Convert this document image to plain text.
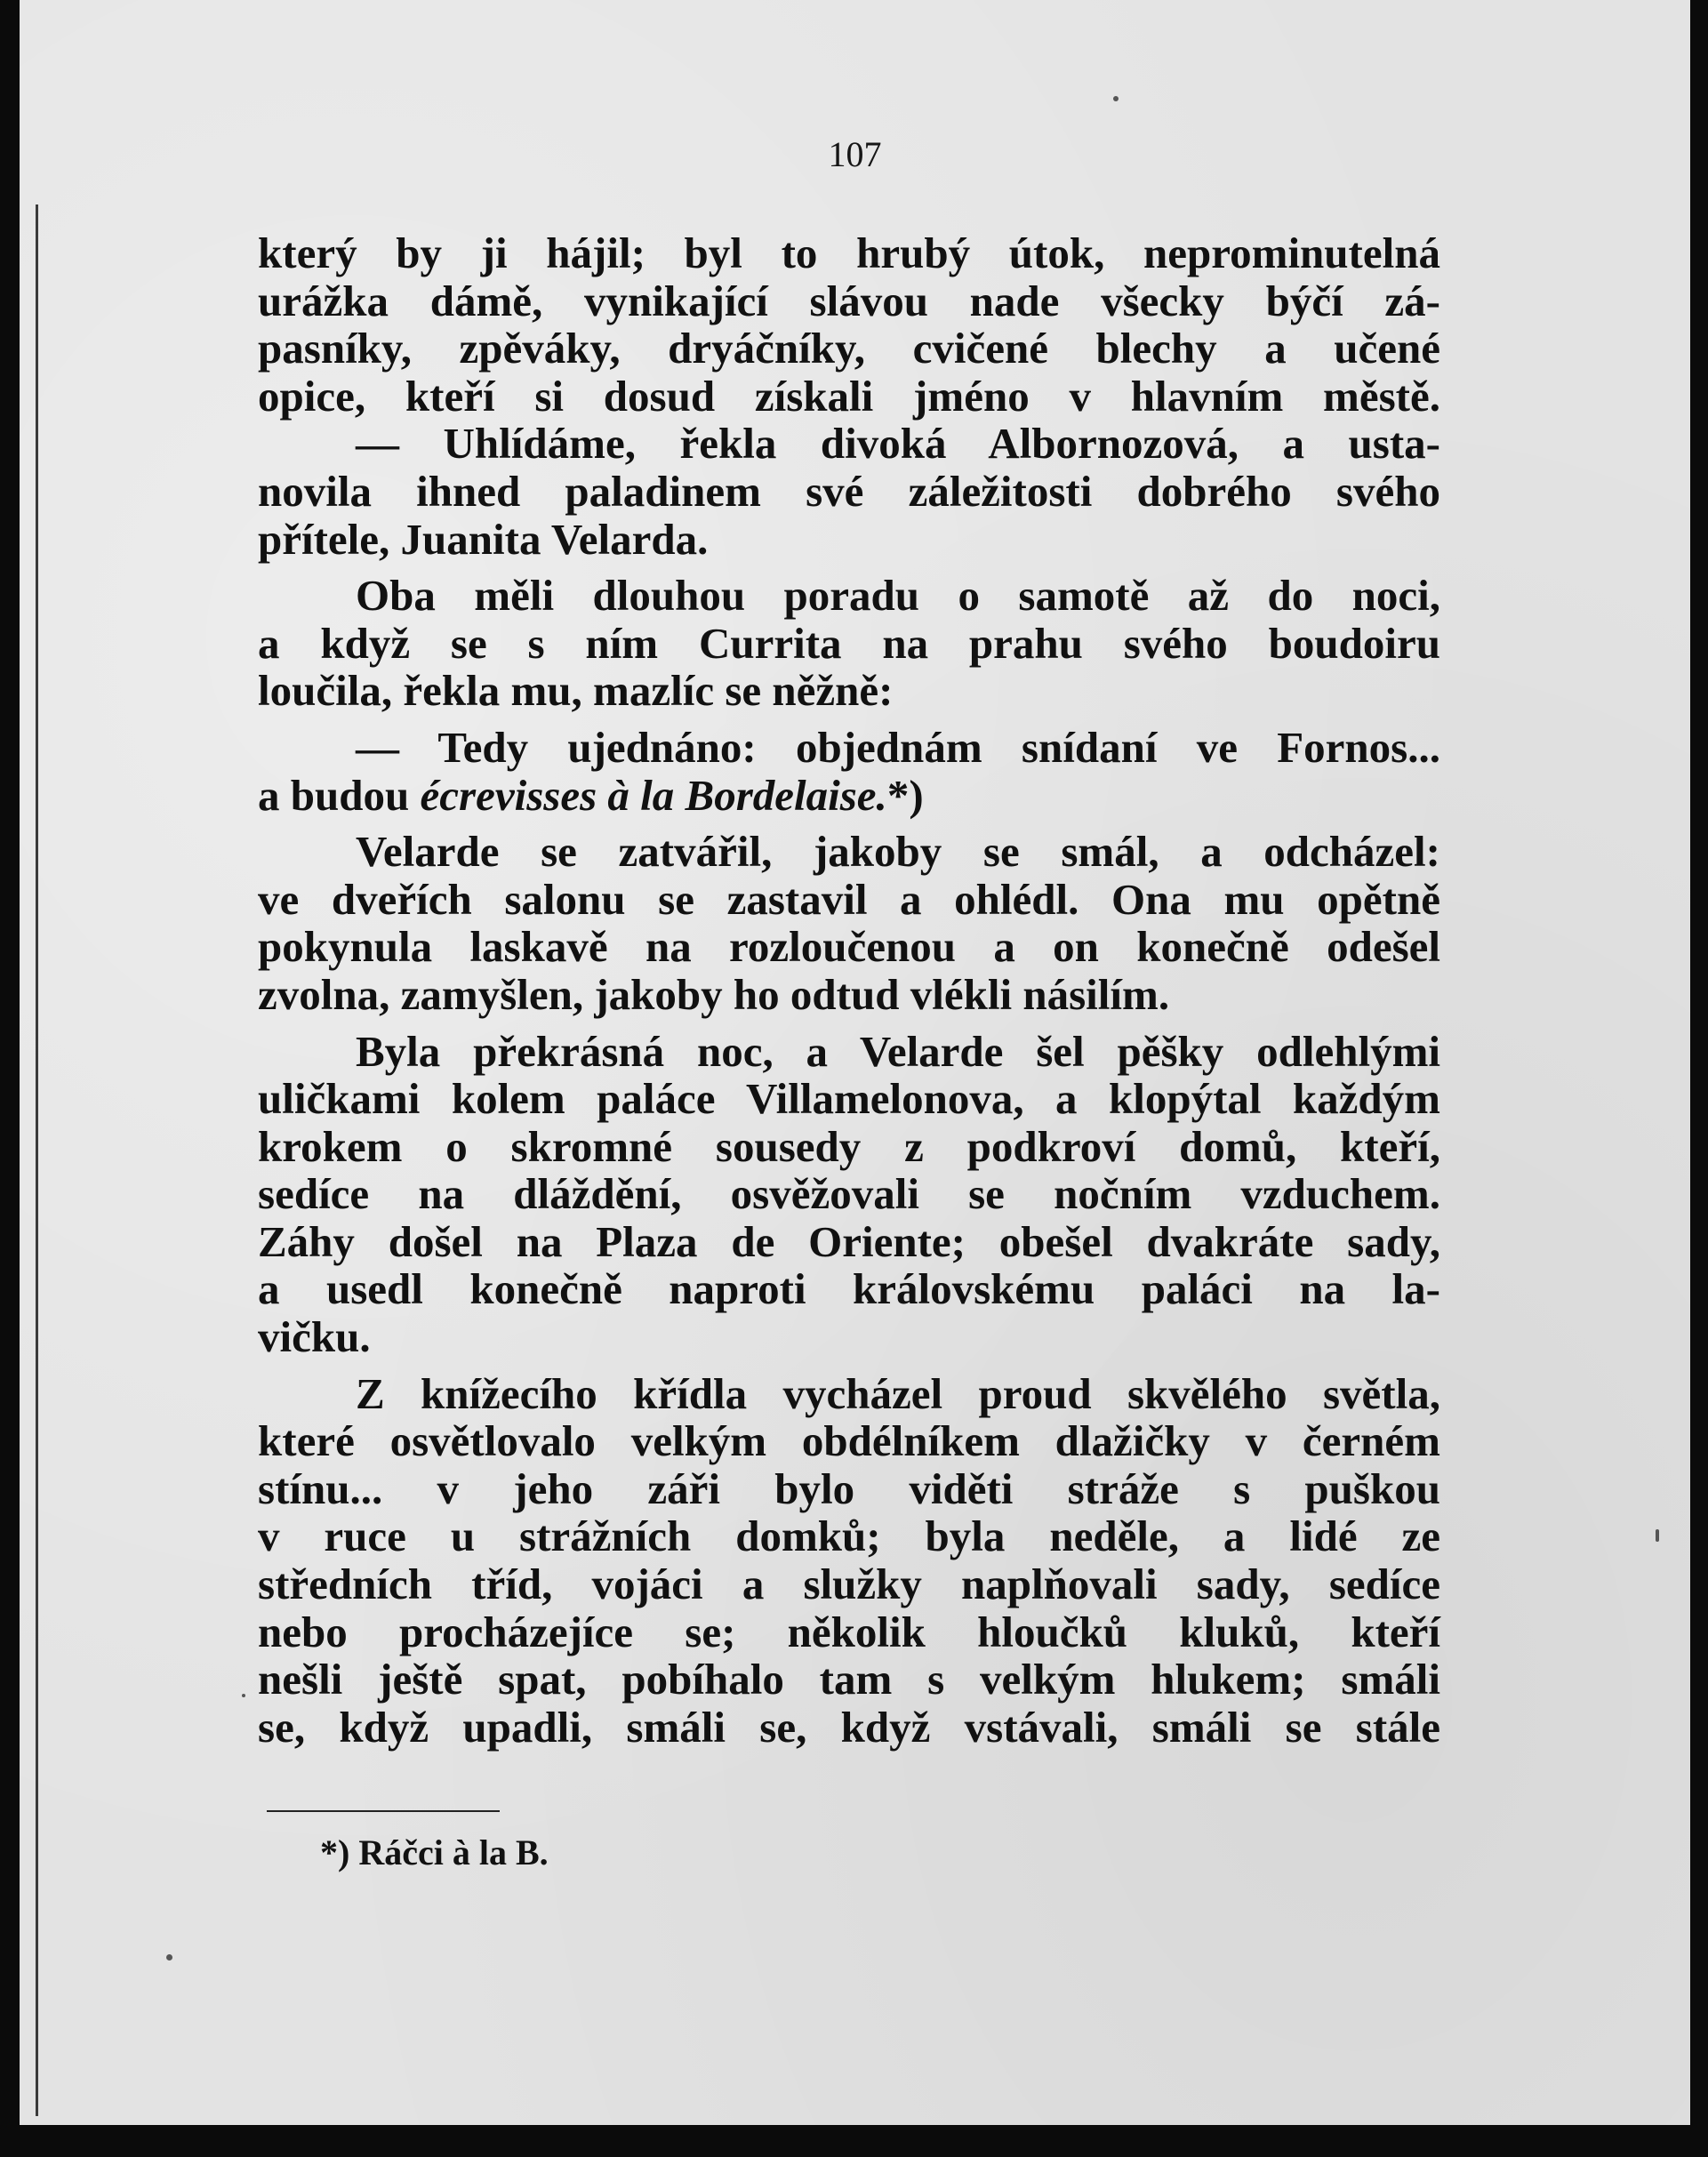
107
který by ji hájil; byl to hrubý útok, neprominutelná
urážka dámě, vynikající slávou nade všecky býčí zá-
pasníky, zpěváky, dryáčníky, cvičené blechy a učené
opice, kteří si dosud získali jméno v hlavním městě.
— Uhlídáme, řekla divoká Albornozová, a usta-
novila ihned paladinem své záležitosti dobrého svého
přítele, Juanita Velarda.
Oba měli dlouhou poradu o samotě až do noci,
a když se s ním Currita na prahu svého boudoiru
loučila, řekla mu, mazlíc se něžně:
— Tedy ujednáno: objednám snídaní ve Fornos...
a budou écrevisses à la Bordelaise.*)
Velarde se zatvářil, jakoby se smál, a odcházel:
ve dveřích salonu se zastavil a ohlédl. Ona mu opětně
pokynula laskavě na rozloučenou a on konečně odešel
zvolna, zamyšlen, jakoby ho odtud vlékli násilím.
Byla překrásná noc, a Velarde šel pěšky odlehlými
uličkami kolem paláce Villamelonova, a klopýtal každým
krokem o skromné sousedy z podkroví domů, kteří,
sedíce na dláždění, osvěžovali se nočním vzduchem.
Záhy došel na Plaza de Oriente; obešel dvakráte sady,
a usedl konečně naproti královskému paláci na la-
vičku.
Z knížecího křídla vycházel proud skvělého světla,
které osvětlovalo velkým obdélníkem dlažičky v černém
stínu... v jeho záři bylo viděti stráže s puškou
v ruce u strážních domků; byla neděle, a lidé ze
středních tříd, vojáci a služky naplňovali sady, sedíce
nebo procházejíce se; několik hloučků kluků, kteří
nešli ještě spat, pobíhalo tam s velkým hlukem; smáli
se, když upadli, smáli se, když vstávali, smáli se stále
*) Ráčci à la B.
